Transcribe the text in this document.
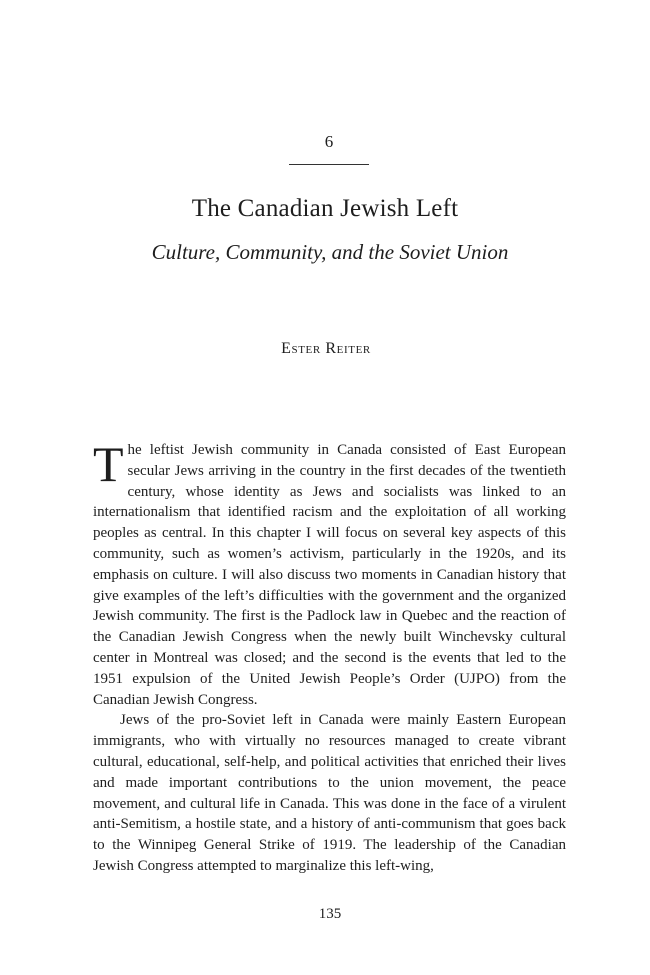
6
The Canadian Jewish Left
Culture, Community, and the Soviet Union
Ester Reiter

The leftist Jewish community in Canada consisted of East European secular Jews arriving in the country in the first decades of the twentieth century, whose identity as Jews and socialists was linked to an internationalism that identified racism and the exploitation of all working peoples as central. In this chapter I will focus on several key aspects of this community, such as women’s activism, particularly in the 1920s, and its emphasis on culture. I will also discuss two moments in Canadian history that give examples of the left’s difficulties with the government and the organized Jewish community. The first is the Padlock law in Quebec and the reaction of the Canadian Jewish Congress when the newly built Winchevsky cultural center in Montreal was closed; and the second is the events that led to the 1951 expulsion of the United Jewish People’s Order (UJPO) from the Canadian Jewish Congress.

Jews of the pro-Soviet left in Canada were mainly Eastern European immigrants, who with virtually no resources managed to create vibrant cultural, educational, self-help, and political activities that enriched their lives and made important contributions to the union movement, the peace movement, and cultural life in Canada. This was done in the face of a virulent anti-Semitism, a hostile state, and a history of anti-communism that goes back to the Winnipeg General Strike of 1919. The leadership of the Canadian Jewish Congress attempted to marginalize this left-wing,

135
